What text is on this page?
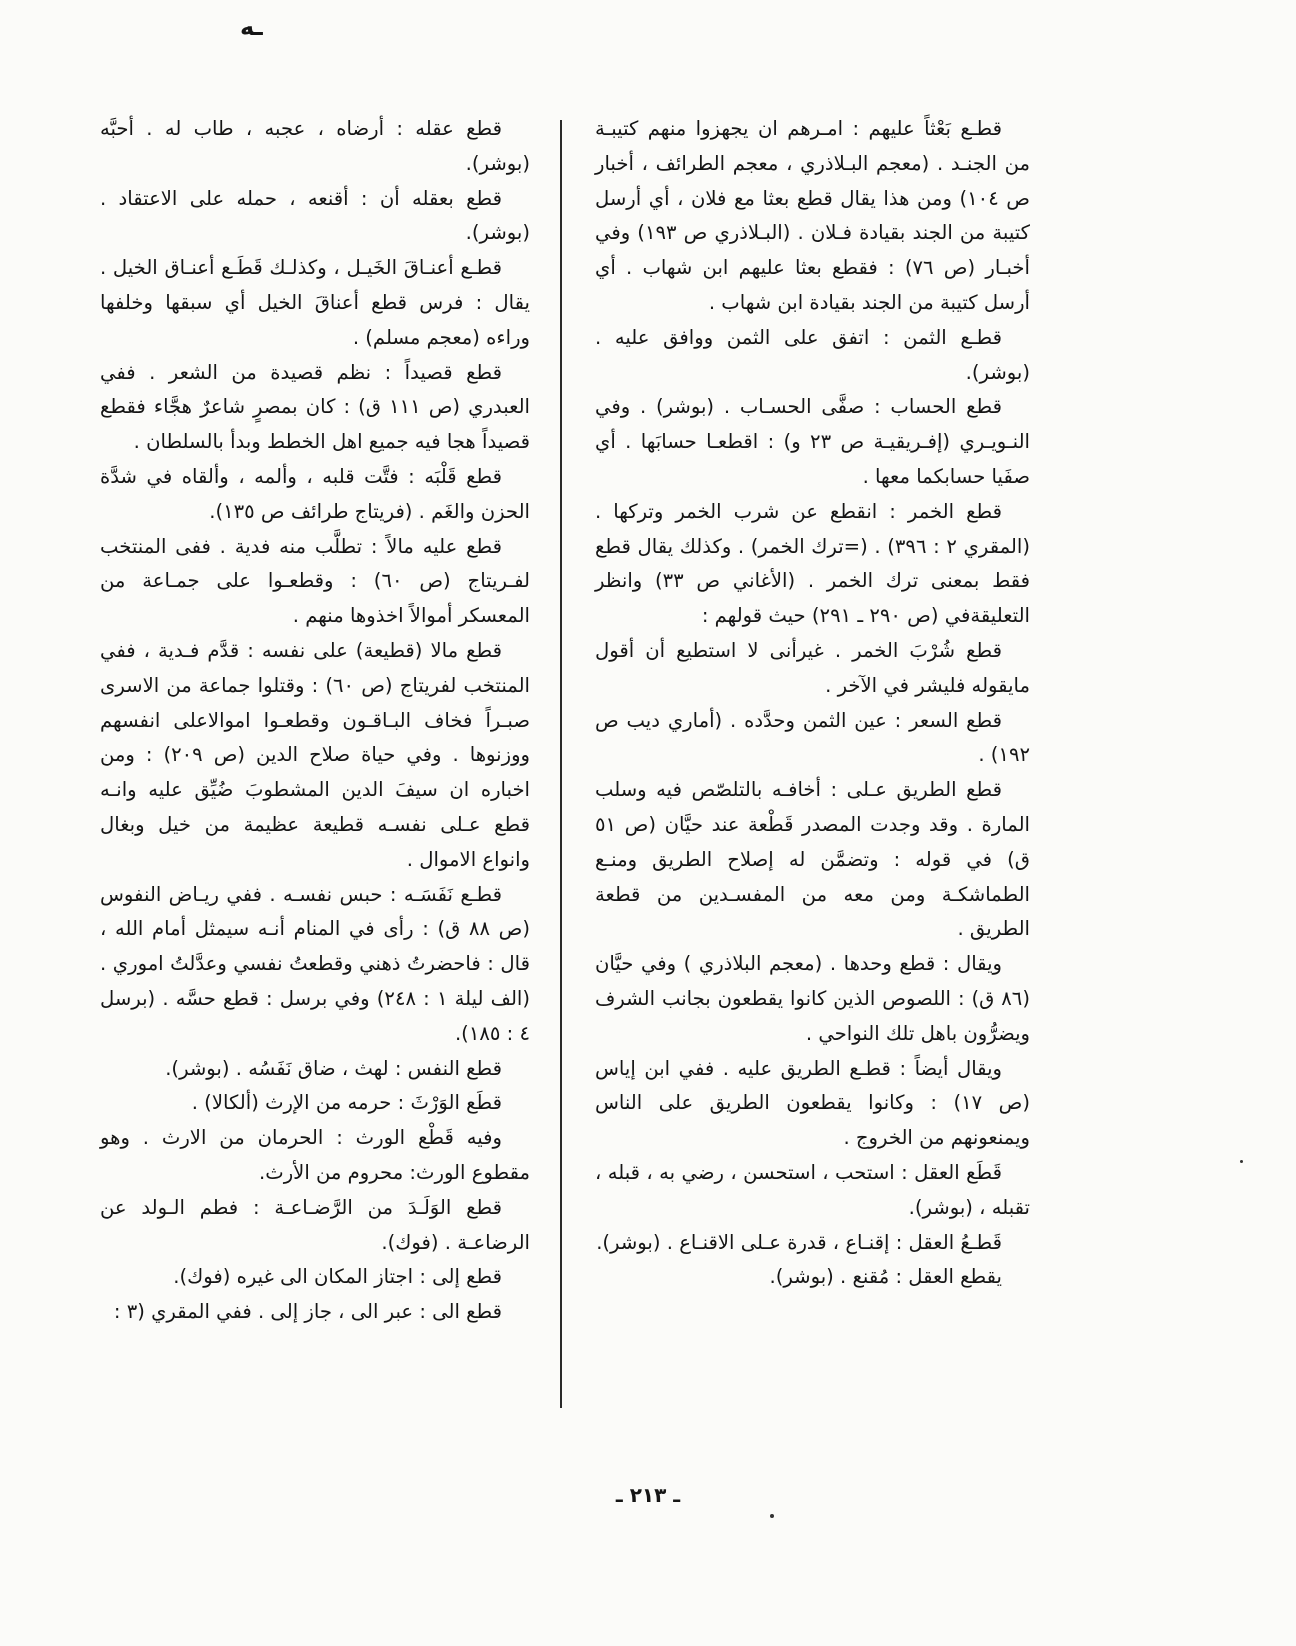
ـه

قطـع بَعْثاً عليهم : امـرهم ان يجهزوا منهم كتيبـة من الجنـد . (معجم البـلاذري ، معجم الطرائف ، أخبار ص ١٠٤) ومن هذا يقال قطع بعثا مع فلان ، أي أرسل كتيبة من الجند بقيادة فـلان . (البـلاذري ص ١٩٣) وفي أخبـار (ص ٧٦) : فقطع بعثا عليهم ابن شهاب . أي أرسل كتيبة من الجند بقيادة ابن شهاب .

قطـع الثمن : اتفق على الثمن ووافق عليه . (بوشر).

قطع الحساب : صفَّى الحسـاب . (بوشر) . وفي النـويـري (إفـريقيـة ص ٢٣ و) : اقطعـا حسابَها . أي صفَيا حسابكما معها .

قطع الخمر : انقطع عن شرب الخمر وتركها . (المقري ٢ : ٣٩٦) . (=ترك الخمر) . وكذلك يقال قطع فقط بمعنى ترك الخمر . (الأغاني ص ٣٣) وانظر التعليقةفي (ص ٢٩٠ ـ ٢٩١) حيث قولهم :

قطع شُرْبَ الخمر . غيرأنى لا استطيع أن أقول مايقوله فليشر في الآخر .

قطع السعر : عين الثمن وحدَّده . (أماري ديب ص ١٩٢) .

قطع الطريق عـلى : أخافـه بالتلصّص فيه وسلب المارة . وقد وجدت المصدر قَطْعة عند حيَّان (ص ٥١ ق) في قوله : وتضمَّن له إصلاح الطريق ومنـع الطماشكـة ومن معه من المفسـدين من قطعة الطريق .

ويقال : قطع وحدها . (معجم البلاذري ) وفي حيَّان (٨٦ ق) : اللصوص الذين كانوا يقطعون بجانب الشرف ويضرُّون باهل تلك النواحي .

ويقال أيضاً : قطـع الطريق عليه . ففي ابن إياس (ص ١٧) : وكانوا يقطعون الطريق على الناس ويمنعونهم من الخروج .

قَطَع العقل : استحب ، استحسن ، رضي به ، قبله ، تقبله ، (بوشر).

قَطـعُ العقل : إقنـاع ، قدرة عـلى الاقنـاع . (بوشر).

يقطع العقل : مُقنع . (بوشر).

قطع عقله : أرضاه ، عجبه ، طاب له . أحبَّه (بوشر).

قطع بعقله أن : أقنعه ، حمله على الاعتقاد . (بوشر).

قطـع أعنـاقَ الخَيـل ، وكذلـك قَطَـع أعنـاق الخيل . يقال : فرس قطع أعناقَ الخيل أي سبقها وخلفها وراءه (معجم مسلم) .

قطع قصيداً : نظم قصيدة من الشعر . ففي العبدري (ص ١١١ ق) : كان بمصرٍ شاعرٌ هجَّاء فقطع قصيداً هجا فيه جميع اهل الخطط وبدأ بالسلطان .

قطع قَلْبَه : فتَّت قلبه ، وألمه ، وألقاه في شدَّة الحزن والغَم . (فريتاج طرائف ص ١٣٥).

قطع عليه مالاً : تطلَّب منه فدية . ففى المنتخب لفـريتاج (ص ٦٠) : وقطعـوا على جمـاعة من المعسكر أموالاً اخذوها منهم .

قطع مالا (قطيعة) على نفسه : قدَّم فـدية ، ففي المنتخب لفريتاج (ص ٦٠) : وقتلوا جماعة من الاسرى صبـراً فخاف البـاقـون وقطعـوا اموالاعلى انفسهم ووزنوها . وفي حياة صلاح الدين (ص ٢٠٩) : ومن اخباره ان سيفَ الدين المشطوبَ ضُيِّق عليه وانـه قطع عـلى نفسـه قطيعة عظيمة من خيل وبغال وانواع الاموال .

قطـع نَفَسَـه : حبس نفسـه . ففي ريـاض النفوس (ص ٨٨ ق) : رأى في المنام أنـه سيمثل أمام الله ، قال : فاحضرتُ ذهني وقطعتُ نفسي وعدَّلتُ اموري . (الف ليلة ١ : ٢٤٨) وفي برسل : قطع حسَّه . (برسل ٤ : ١٨٥).

قطع النفس : لهث ، ضاق نَفَسُه . (بوشر).

قطَع الوَرْثَ : حرمه من الإرث (ألكالا) .

وفيه قَطْع الورث : الحرمان من الارث . وهو مقطوع الورث: محروم من الأرث.

قطع الوَلَـدَ من الرَّضـاعـة : فطم الـولد عن الرضاعـة . (فوك).

قطع إلى : اجتاز المكان الى غيره (فوك).

قطع الى : عبر الى ، جاز إلى . ففي المقري (٣ :

ـ ٢١٣ ـ
